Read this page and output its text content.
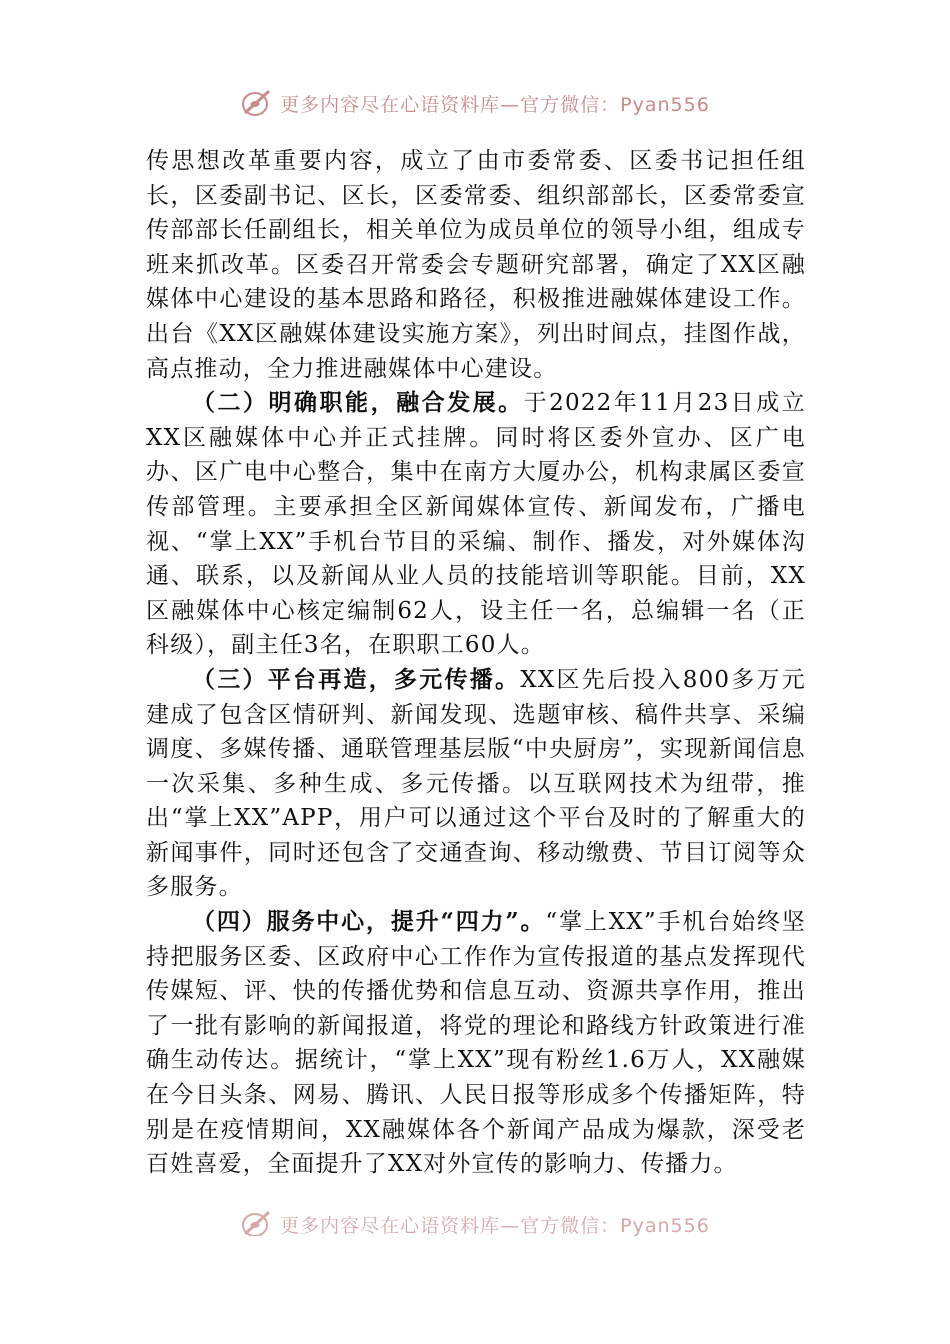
更多内容尽在心语资料库—官方微信：Pyan556

传思想改革重要内容，成立了由市委常委、区委书记担任组长，区委副书记、区长，区委常委、组织部部长，区委常委宣传部部长任副组长，相关单位为成员单位的领导小组，组成专班来抓改革。区委召开常委会专题研究部署，确定了XX区融媒体中心建设的基本思路和路径，积极推进融媒体建设工作。出台《XX区融媒体建设实施方案》，列出时间点，挂图作战，高点推动，全力推进融媒体中心建设。

（二）明确职能，融合发展。于2022年11月23日成立XX区融媒体中心并正式挂牌。同时将区委外宣办、区广电办、区广电中心整合，集中在南方大厦办公，机构隶属区委宣传部管理。主要承担全区新闻媒体宣传、新闻发布，广播电视、“掌上XX”手机台节目的采编、制作、播发，对外媒体沟通、联系，以及新闻从业人员的技能培训等职能。目前，XX区融媒体中心核定编制62人，设主任一名，总编辑一名（正科级），副主任3名，在职职工60人。

（三）平台再造，多元传播。XX区先后投入800多万元建成了包含区情研判、新闻发现、选题审核、稿件共享、采编调度、多媒传播、通联管理基层版“中央厨房”，实现新闻信息一次采集、多种生成、多元传播。以互联网技术为纽带，推出“掌上XX”APP，用户可以通过这个平台及时的了解重大的新闻事件，同时还包含了交通查询、移动缴费、节目订阅等众多服务。

（四）服务中心，提升“四力”。“掌上XX”手机台始终坚持把服务区委、区政府中心工作作为宣传报道的基点发挥现代传媒短、评、快的传播优势和信息互动、资源共享作用，推出了一批有影响的新闻报道，将党的理论和路线方针政策进行准确生动传达。据统计，“掌上XX”现有粉丝1.6万人，XX融媒在今日头条、网易、腾讯、人民日报等形成多个传播矩阵，特别是在疫情期间，XX融媒体各个新闻产品成为爆款，深受老百姓喜爱，全面提升了XX对外宣传的影响力、传播力。

更多内容尽在心语资料库—官方微信：Pyan556
